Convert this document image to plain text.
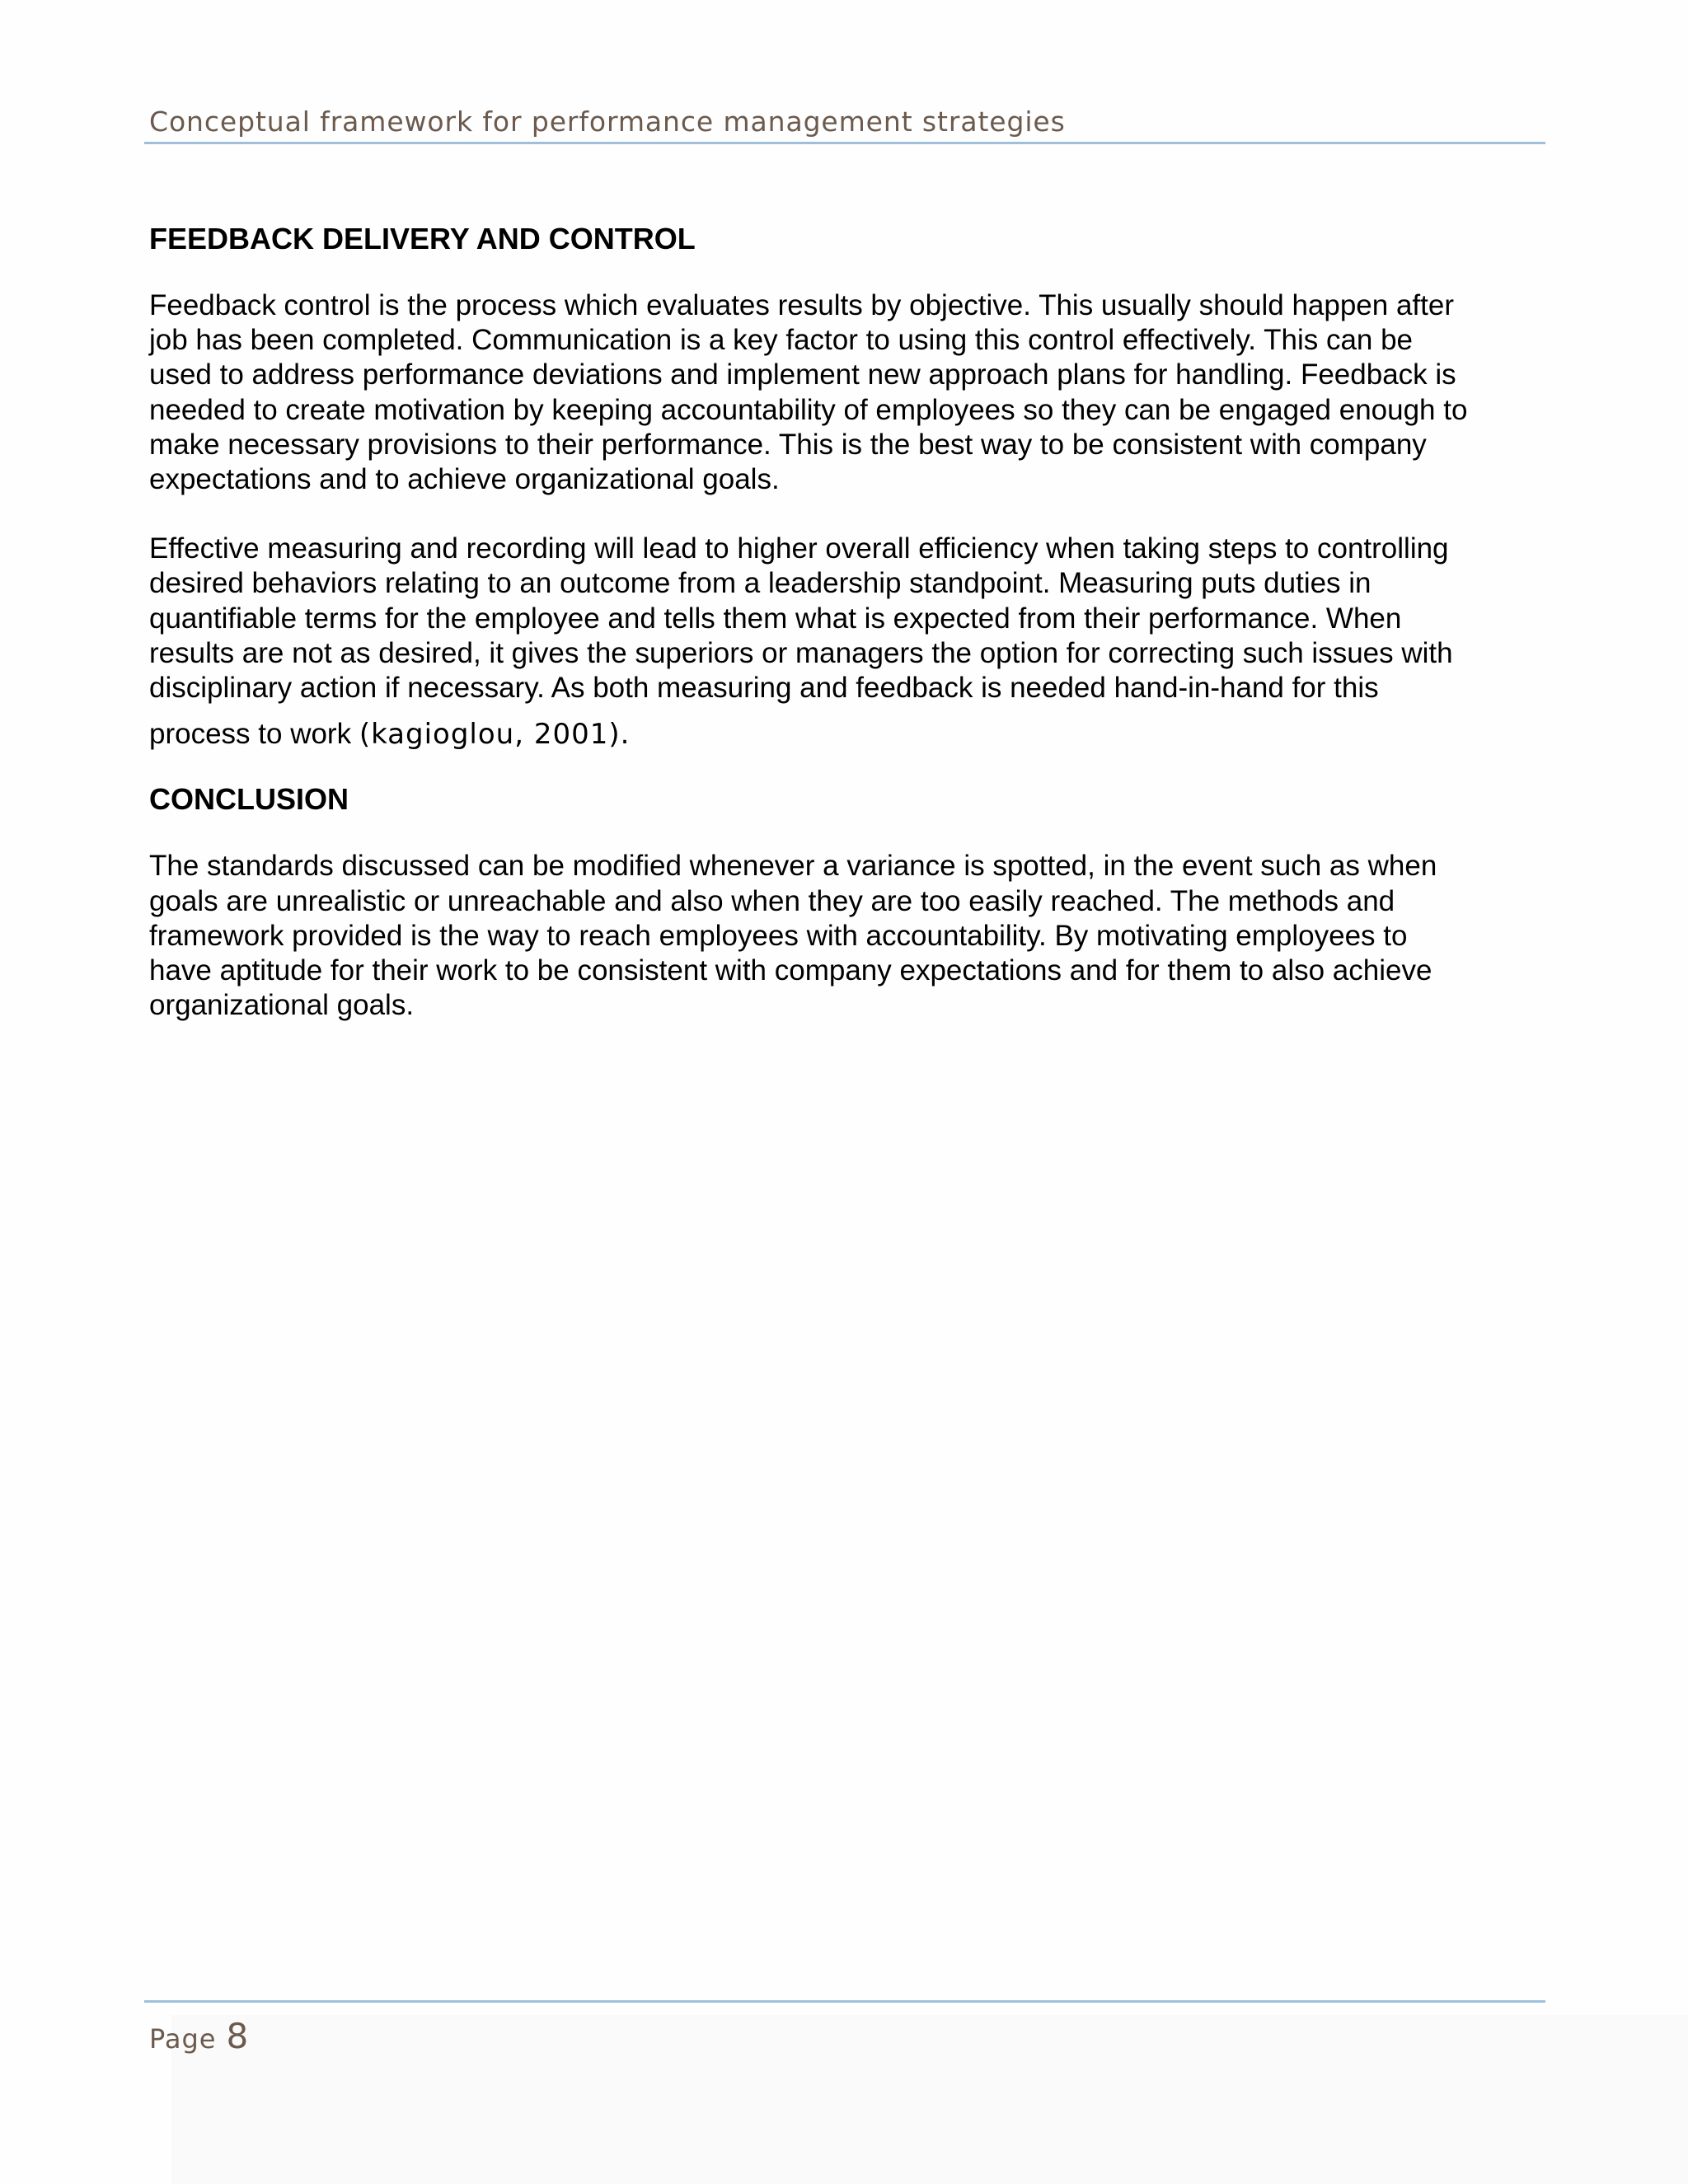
Conceptual framework for performance management strategies
FEEDBACK DELIVERY AND CONTROL

Feedback control is the process which evaluates results by objective. This usually should happen after
job has been completed. Communication is a key factor to using this control effectively. This can be
used to address performance deviations and implement new approach plans for handling. Feedback is
needed to create motivation by keeping accountability of employees so they can be engaged enough to
make necessary provisions to their performance. This is the best way to be consistent with company
expectations and to achieve organizational goals.

Effective measuring and recording will lead to higher overall efficiency when taking steps to controlling
desired behaviors relating to an outcome from a leadership standpoint. Measuring puts duties in
quantifiable terms for the employee and tells them what is expected from their performance. When
results are not as desired, it gives the superiors or managers the option for correcting such issues with
disciplinary action if necessary. As both measuring and feedback is needed hand-in-hand for this
process to work (kagioglou, 2001).

CONCLUSION

The standards discussed can be modified whenever a variance is spotted, in the event such as when
goals are unrealistic or unreachable and also when they are too easily reached. The methods and
framework provided is the way to reach employees with accountability. By motivating employees to
have aptitude for their work to be consistent with company expectations and for them to also achieve
organizational goals.

Page 8
